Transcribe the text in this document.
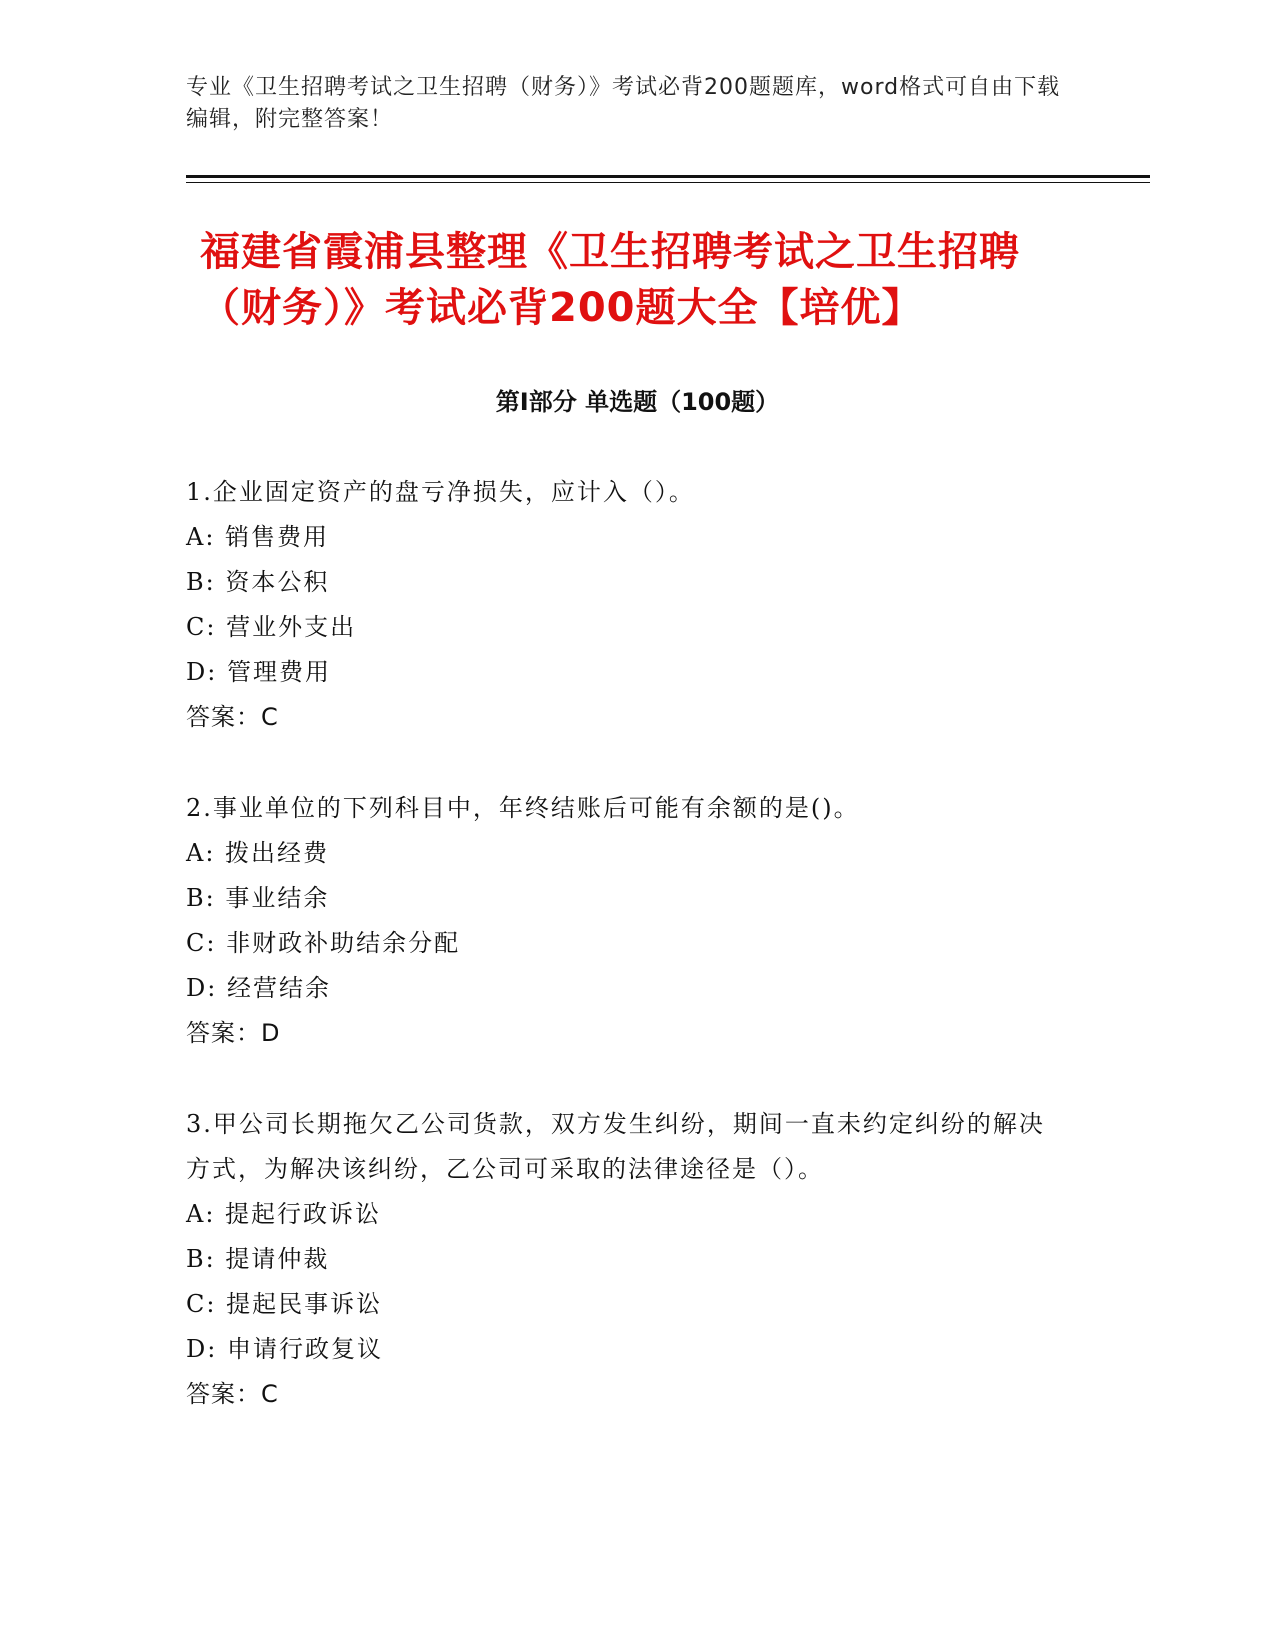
专业《卫生招聘考试之卫生招聘（财务）》考试必背200题题库，word格式可自由下载编辑，附完整答案！
福建省霞浦县整理《卫生招聘考试之卫生招聘（财务）》考试必背200题大全【培优】
第I部分 单选题（100题）
1.企业固定资产的盘亏净损失，应计入（）。
A: 销售费用
B: 资本公积
C: 营业外支出
D: 管理费用
答案：C
2.事业单位的下列科目中，年终结账后可能有余额的是()。
A: 拨出经费
B: 事业结余
C: 非财政补助结余分配
D: 经营结余
答案：D
3.甲公司长期拖欠乙公司货款，双方发生纠纷，期间一直未约定纠纷的解决方式，为解决该纠纷，乙公司可采取的法律途径是（）。
A: 提起行政诉讼
B: 提请仲裁
C: 提起民事诉讼
D: 申请行政复议
答案：C
